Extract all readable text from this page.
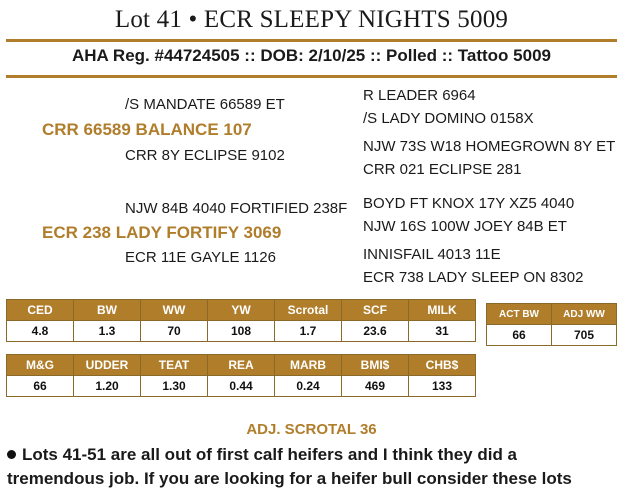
Lot 41 • ECR SLEEPY NIGHTS 5009
AHA Reg. #44724505 :: DOB: 2/10/25 :: Polled :: Tattoo 5009
/S MANDATE 66589 ET
CRR 66589 BALANCE 107
CRR 8Y ECLIPSE 9102
R LEADER 6964
/S LADY DOMINO 0158X
NJW 73S W18 HOMEGROWN 8Y ET
CRR 021 ECLIPSE 281
NJW 84B 4040 FORTIFIED 238F
ECR 238 LADY FORTIFY 3069
ECR 11E GAYLE 1126
BOYD FT KNOX 17Y XZ5 4040
NJW 16S 100W JOEY 84B ET
INNISFAIL 4013 11E
ECR 738 LADY SLEEP ON 8302
CED	BW	WW	YW	Scrotal	SCF	MILK
4.8	1.3	70	108	1.7	23.6	31
M&G	UDDER	TEAT	REA	MARB	BMI$	CHB$
66	1.20	1.30	0.44	0.24	469	133
ACT BW	ADJ WW
66	705
ADJ. SCROTAL 36
Lots 41-51 are all out of first calf heifers and I think they did a tremendous job. If you are looking for a heifer bull consider these lots
